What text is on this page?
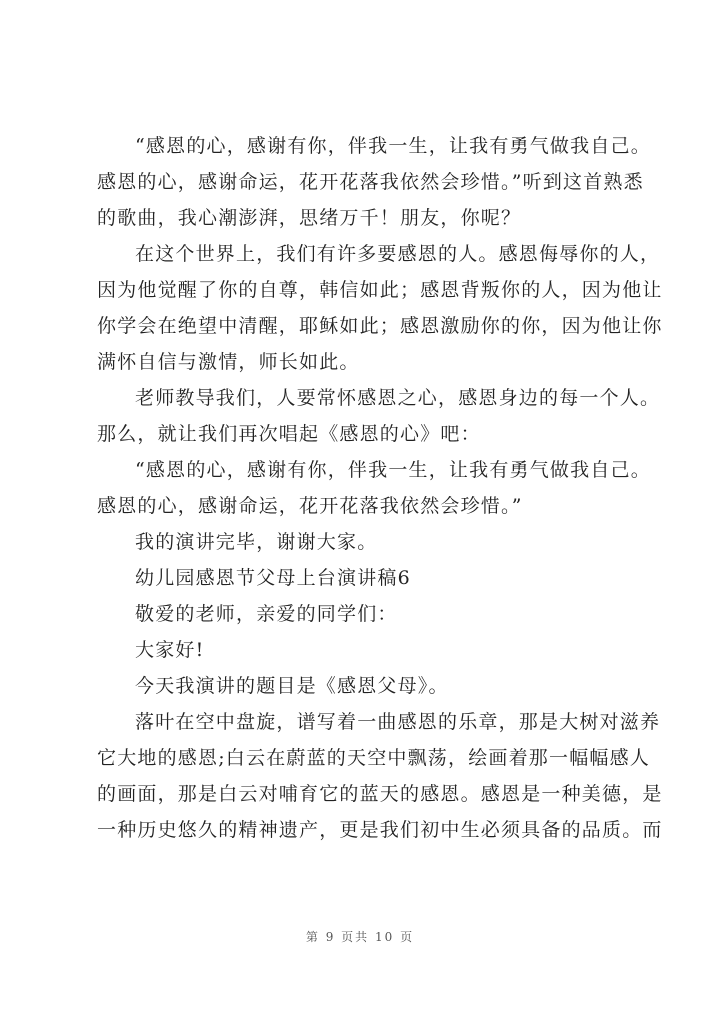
“感恩的心，感谢有你，伴我一生，让我有勇气做我自己。
感恩的心，感谢命运，花开花落我依然会珍惜。”听到这首熟悉
的歌曲，我心潮澎湃，思绪万千！朋友，你呢？
在这个世界上，我们有许多要感恩的人。感恩侮辱你的人，
因为他觉醒了你的自尊，韩信如此；感恩背叛你的人，因为他让
你学会在绝望中清醒，耶稣如此；感恩激励你的你，因为他让你
满怀自信与激情，师长如此。
老师教导我们，人要常怀感恩之心，感恩身边的每一个人。
那么，就让我们再次唱起《感恩的心》吧：
“感恩的心，感谢有你，伴我一生，让我有勇气做我自己。
感恩的心，感谢命运，花开花落我依然会珍惜。”
我的演讲完毕，谢谢大家。
幼儿园感恩节父母上台演讲稿6
敬爱的老师，亲爱的同学们：
大家好!
今天我演讲的题目是《感恩父母》。
落叶在空中盘旋，谱写着一曲感恩的乐章，那是大树对滋养
它大地的感恩;白云在蔚蓝的天空中飘荡，绘画着那一幅幅感人
的画面，那是白云对哺育它的蓝天的感恩。感恩是一种美德，是
一种历史悠久的精神遗产，更是我们初中生必须具备的品质。而
第 9 页共 10 页
